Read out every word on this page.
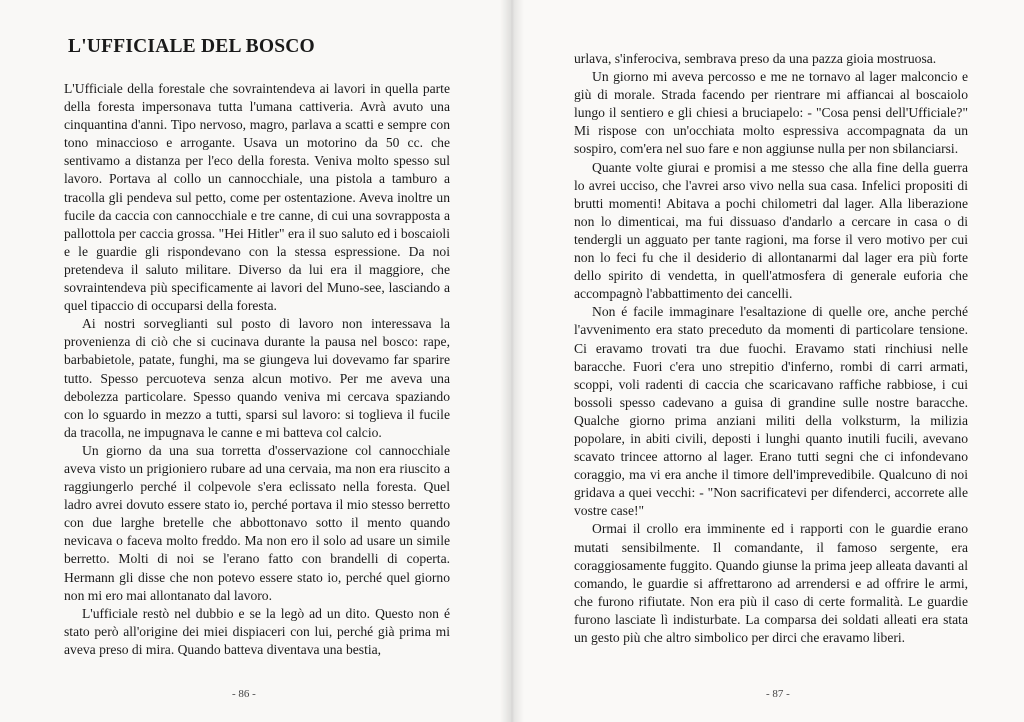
L'UFFICIALE DEL BOSCO

L'Ufficiale della forestale che sovraintendeva ai lavori in quella parte della foresta impersonava tutta l'umana cattiveria. Avrà avuto una cinquantina d'anni. Tipo nervoso, magro, parlava a scatti e sempre con tono minaccioso e arrogante. Usava un motorino da 50 cc. che sentivamo a distanza per l'eco della foresta. Veniva molto spesso sul lavoro. Portava al collo un cannocchiale, una pistola a tamburo a tracolla gli pendeva sul petto, come per ostentazione. Aveva inoltre un fucile da caccia con cannocchiale e tre canne, di cui una sovrapposta a pallottola per caccia grossa. "Hei Hitler" era il suo saluto ed i boscaioli e le guardie gli rispondevano con la stessa espressione. Da noi pretendeva il saluto militare. Diverso da lui era il maggiore, che sovraintendeva più specificamente ai lavori del Muno-see, lasciando a quel tipaccio di occuparsi della foresta.

Ai nostri sorveglianti sul posto di lavoro non interessava la provenienza di ciò che si cucinava durante la pausa nel bosco: rape, barbabietole, patate, funghi, ma se giungeva lui dovevamo far sparire tutto. Spesso percuoteva senza alcun motivo. Per me aveva una debolezza particolare. Spesso quando veniva mi cercava spaziando con lo sguardo in mezzo a tutti, sparsi sul lavoro: si toglieva il fucile da tracolla, ne impugnava le canne e mi batteva col calcio.

Un giorno da una sua torretta d'osservazione col cannocchiale aveva visto un prigioniero rubare ad una cervaia, ma non era riuscito a raggiungerlo perché il colpevole s'era eclissato nella foresta. Quel ladro avrei dovuto essere stato io, perché portava il mio stesso berretto con due larghe bretelle che abbottonavo sotto il mento quando nevicava o faceva molto freddo. Ma non ero il solo ad usare un simile berretto. Molti di noi se l'erano fatto con brandelli di coperta. Hermann gli disse che non potevo essere stato io, perché quel giorno non mi ero mai allontanato dal lavoro.

L'ufficiale restò nel dubbio e se la legò ad un dito. Questo non é stato però all'origine dei miei dispiaceri con lui, perché già prima mi aveva preso di mira. Quando batteva diventava una bestia,

- 86 -

urlava, s'inferociva, sembrava preso da una pazza gioia mostruosa.

Un giorno mi aveva percosso e me ne tornavo al lager malconcio e giù di morale. Strada facendo per rientrare mi affiancai al boscaiolo lungo il sentiero e gli chiesi a bruciapelo: - "Cosa pensi dell'Ufficiale?" Mi rispose con un'occhiata molto espressiva accompagnata da un sospiro, com'era nel suo fare e non aggiunse nulla per non sbilanciarsi.

Quante volte giurai e promisi a me stesso che alla fine della guerra lo avrei ucciso, che l'avrei arso vivo nella sua casa. Infelici propositi di brutti momenti! Abitava a pochi chilometri dal lager. Alla liberazione non lo dimenticai, ma fui dissuaso d'andarlo a cercare in casa o di tendergli un agguato per tante ragioni, ma forse il vero motivo per cui non lo feci fu che il desiderio di allontanarmi dal lager era più forte dello spirito di vendetta, in quell'atmosfera di generale euforia che accompagnò l'abbattimento dei cancelli.

Non é facile immaginare l'esaltazione di quelle ore, anche perché l'avvenimento era stato preceduto da momenti di particolare tensione. Ci eravamo trovati tra due fuochi. Eravamo stati rinchiusi nelle baracche. Fuori c'era uno strepitio d'inferno, rombi di carri armati, scoppi, voli radenti di caccia che scaricavano raffiche rabbiose, i cui bossoli spesso cadevano a guisa di grandine sulle nostre baracche. Qualche giorno prima anziani militi della volksturm, la milizia popolare, in abiti civili, deposti i lunghi quanto inutili fucili, avevano scavato trincee attorno al lager. Erano tutti segni che ci infondevano coraggio, ma vi era anche il timore dell'imprevedibile. Qualcuno di noi gridava a quei vecchi: - "Non sacrificatevi per difenderci, accorrete alle vostre case!"

Ormai il crollo era imminente ed i rapporti con le guardie erano mutati sensibilmente. Il comandante, il famoso sergente, era coraggiosamente fuggito. Quando giunse la prima jeep alleata davanti al comando, le guardie si affrettarono ad arrendersi e ad offrire le armi, che furono rifiutate. Non era più il caso di certe formalità. Le guardie furono lasciate lì indisturbate. La comparsa dei soldati alleati era stata un gesto più che altro simbolico per dirci che eravamo liberi.

- 87 -
